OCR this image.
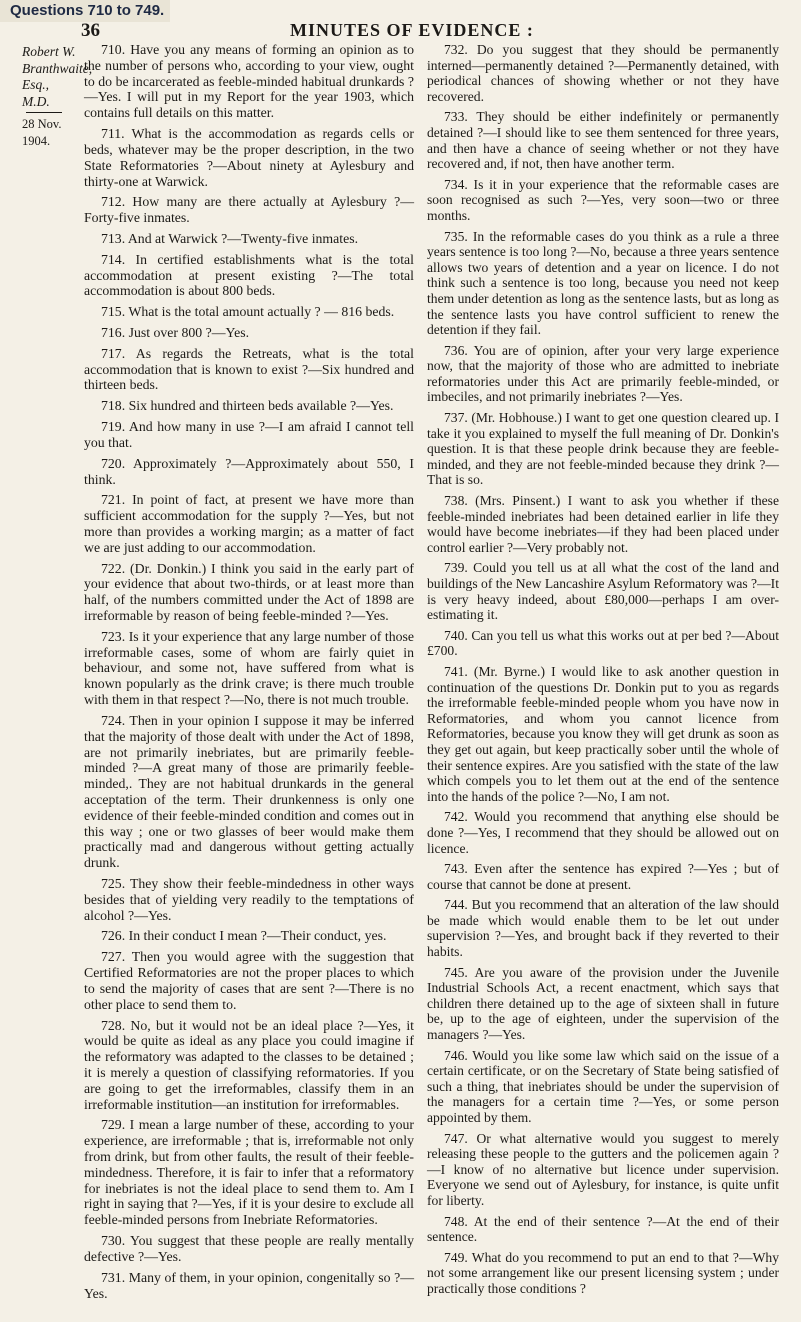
Questions 710 to 749.
36	MINUTES OF EVIDENCE :
Robert W. Branthwaite, Esq., M.D.
28 Nov. 1904.

710. Have you any means of forming an opinion as to the number of persons who, according to your view, ought to do be incarcerated as feeble-minded habitual drunkards ?—Yes. I will put in my Report for the year 1903, which contains full details on this matter.

711. What is the accommodation as regards cells or beds, whatever may be the proper description, in the two State Reformatories ?—About ninety at Aylesbury and thirty-one at Warwick.

712. How many are there actually at Aylesbury ?—Forty-five inmates.

713. And at Warwick ?—Twenty-five inmates.

714. In certified establishments what is the total accommodation at present existing ?—The total accommodation is about 800 beds.

715. What is the total amount actually ? — 816 beds.

716. Just over 800 ?—Yes.

717. As regards the Retreats, what is the total accommodation that is known to exist ?—Six hundred and thirteen beds.

718. Six hundred and thirteen beds available ?—Yes.

719. And how many in use ?—I am afraid I cannot tell you that.

720. Approximately ?—Approximately about 550, I think.

721. In point of fact, at present we have more than sufficient accommodation for the supply ?—Yes, but not more than provides a working margin; as a matter of fact we are just adding to our accommodation.

722. (Dr. Donkin.) I think you said in the early part of your evidence that about two-thirds, or at least more than half, of the numbers committed under the Act of 1898 are irreformable by reason of being feeble-minded ?—Yes.

723. Is it your experience that any large number of those irreformable cases, some of whom are fairly quiet in behaviour, and some not, have suffered from what is known popularly as the drink crave; is there much trouble with them in that respect ?—No, there is not much trouble.

724. Then in your opinion I suppose it may be inferred that the majority of those dealt with under the Act of 1898, are not primarily inebriates, but are primarily feeble-minded ?—A great many of those are primarily feeble-minded,. They are not habitual drunkards in the general acceptation of the term. Their drunkenness is only one evidence of their feeble-minded condition and comes out in this way ; one or two glasses of beer would make them practically mad and dangerous without getting actually drunk.

725. They show their feeble-mindedness in other ways besides that of yielding very readily to the temptations of alcohol ?—Yes.

726. In their conduct I mean ?—Their conduct, yes.

727. Then you would agree with the suggestion that Certified Reformatories are not the proper places to which to send the majority of cases that are sent ?—There is no other place to send them to.

728. No, but it would not be an ideal place ?—Yes, it would be quite as ideal as any place you could imagine if the reformatory was adapted to the classes to be detained ; it is merely a question of classifying reformatories. If you are going to get the irreformables, classify them in an irreformable institution—an institution for irreformables.

729. I mean a large number of these, according to your experience, are irreformable ; that is, irreformable not only from drink, but from other faults, the result of their feeble-mindedness. Therefore, it is fair to infer that a reformatory for inebriates is not the ideal place to send them to. Am I right in saying that ?—Yes, if it is your desire to exclude all feeble-minded persons from Inebriate Reformatories.

730. You suggest that these people are really mentally defective ?—Yes.

731. Many of them, in your opinion, congenitally so ?—Yes.

732. Do you suggest that they should be permanently interned—permanently detained ?—Permanently detained, with periodical chances of showing whether or not they have recovered.

733. They should be either indefinitely or permanently detained ?—I should like to see them sentenced for three years, and then have a chance of seeing whether or not they have recovered and, if not, then have another term.

734. Is it in your experience that the reformable cases are soon recognised as such ?—Yes, very soon—two or three months.

735. In the reformable cases do you think as a rule a three years sentence is too long ?—No, because a three years sentence allows two years of detention and a year on licence. I do not think such a sentence is too long, because you need not keep them under detention as long as the sentence lasts, but as long as the sentence lasts you have control sufficient to renew the detention if they fail.

736. You are of opinion, after your very large experience now, that the majority of those who are admitted to inebriate reformatories under this Act are primarily feeble-minded, or imbeciles, and not primarily inebriates ?—Yes.

737. (Mr. Hobhouse.) I want to get one question cleared up. I take it you explained to myself the full meaning of Dr. Donkin's question. It is that these people drink because they are feeble-minded, and they are not feeble-minded because they drink ?—That is so.

738. (Mrs. Pinsent.) I want to ask you whether if these feeble-minded inebriates had been detained earlier in life they would have become inebriates—if they had been placed under control earlier ?—Very probably not.

739. Could you tell us at all what the cost of the land and buildings of the New Lancashire Asylum Reformatory was ?—It is very heavy indeed, about £80,000—perhaps I am over-estimating it.

740. Can you tell us what this works out at per bed ?—About £700.

741. (Mr. Byrne.) I would like to ask another question in continuation of the questions Dr. Donkin put to you as regards the irreformable feeble-minded people whom you have now in Reformatories, and whom you cannot licence from Reformatories, because you know they will get drunk as soon as they get out again, but keep practically sober until the whole of their sentence expires. Are you satisfied with the state of the law which compels you to let them out at the end of the sentence into the hands of the police ?—No, I am not.

742. Would you recommend that anything else should be done ?—Yes, I recommend that they should be allowed out on licence.

743. Even after the sentence has expired ?—Yes ; but of course that cannot be done at present.

744. But you recommend that an alteration of the law should be made which would enable them to be let out under supervision ?—Yes, and brought back if they reverted to their habits.

745. Are you aware of the provision under the Juvenile Industrial Schools Act, a recent enactment, which says that children there detained up to the age of sixteen shall in future be, up to the age of eighteen, under the supervision of the managers ?—Yes.

746. Would you like some law which said on the issue of a certain certificate, or on the Secretary of State being satisfied of such a thing, that inebriates should be under the supervision of the managers for a certain time ?—Yes, or some person appointed by them.

747. Or what alternative would you suggest to merely releasing these people to the gutters and the policemen again ?—I know of no alternative but licence under supervision. Everyone we send out of Aylesbury, for instance, is quite unfit for liberty.

748. At the end of their sentence ?—At the end of their sentence.

749. What do you recommend to put an end to that ?—Why not some arrangement like our present licensing system ; under practically those conditions ?
